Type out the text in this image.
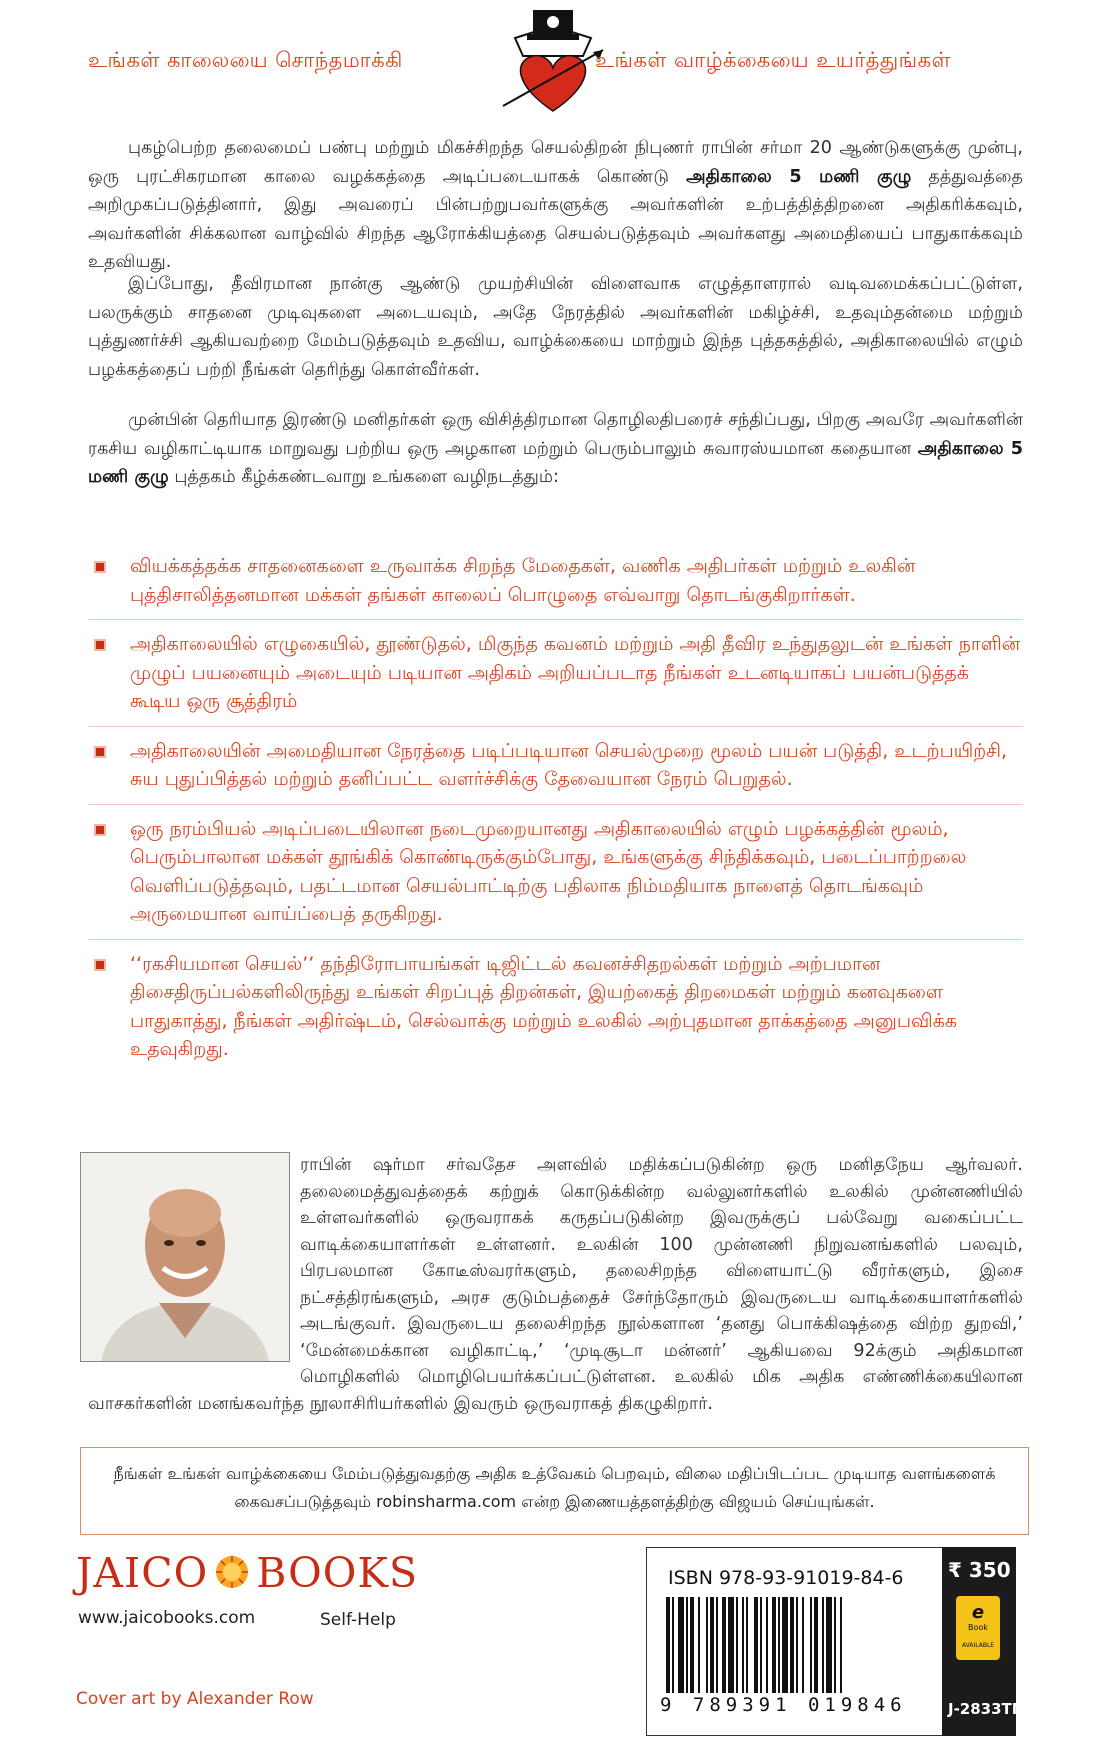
உங்கள் காலையை சொந்தமாக்கி	உங்கள் வாழ்க்கையை உயர்த்துங்கள்

புகழ்பெற்ற தலைமைப் பண்பு மற்றும் மிகச்சிறந்த செயல்திறன் நிபுணர் ராபின் சர்மா 20 ஆண்டுகளுக்கு முன்பு, ஒரு புரட்சிகரமான காலை வழக்கத்தை அடிப்படையாகக் கொண்டு அதிகாலை 5 மணி குழு தத்துவத்தை அறிமுகப்படுத்தினார், இது அவரைப் பின்பற்றுபவர்களுக்கு அவர்களின் உற்பத்தித்திறனை அதிகரிக்கவும், அவர்களின் சிக்கலான வாழ்வில் சிறந்த ஆரோக்கியத்தை செயல்படுத்தவும் அவர்களது அமைதியைப் பாதுகாக்கவும் உதவியது.

இப்போது, தீவிரமான நான்கு ஆண்டு முயற்சியின் விளைவாக எழுத்தாளரால் வடிவமைக்கப்பட்டுள்ள, பலருக்கும் சாதனை முடிவுகளை அடையவும், அதே நேரத்தில் அவர்களின் மகிழ்ச்சி, உதவும்தன்மை மற்றும் புத்துணர்ச்சி ஆகியவற்றை மேம்படுத்தவும் உதவிய, வாழ்க்கையை மாற்றும் இந்த புத்தகத்தில், அதிகாலையில் எழும் பழக்கத்தைப் பற்றி நீங்கள் தெரிந்து கொள்வீர்கள்.

முன்பின் தெரியாத இரண்டு மனிதர்கள் ஒரு விசித்திரமான தொழிலதிபரைச் சந்திப்பது, பிறகு அவரே அவர்களின் ரகசிய வழிகாட்டியாக மாறுவது பற்றிய ஒரு அழகான மற்றும் பெரும்பாலும் சுவாரஸ்யமான கதையான அதிகாலை 5 மணி குழு புத்தகம் கீழ்க்கண்டவாறு உங்களை வழிநடத்தும்:

வியக்கத்தக்க சாதனைகளை உருவாக்க சிறந்த மேதைகள், வணிக அதிபர்கள் மற்றும் உலகின் புத்திசாலித்தனமான மக்கள் தங்கள் காலைப் பொழுதை எவ்வாறு தொடங்குகிறார்கள்.
அதிகாலையில் எழுகையில், தூண்டுதல், மிகுந்த கவனம் மற்றும் அதி தீவிர உந்துதலுடன் உங்கள் நாளின் முழுப் பயனையும் அடையும் படியான அதிகம் அறியப்படாத நீங்கள் உடனடியாகப் பயன்படுத்தக் கூடிய ஒரு சூத்திரம்
அதிகாலையின் அமைதியான நேரத்தை படிப்படியான செயல்முறை மூலம் பயன் படுத்தி, உடற்பயிற்சி, சுய புதுப்பித்தல் மற்றும் தனிப்பட்ட வளர்ச்சிக்கு தேவையான நேரம் பெறுதல்.
ஒரு நரம்பியல் அடிப்படையிலான நடைமுறையானது அதிகாலையில் எழும் பழக்கத்தின் மூலம், பெரும்பாலான மக்கள் தூங்கிக் கொண்டிருக்கும்போது, உங்களுக்கு சிந்திக்கவும், படைப்பாற்றலை வெளிப்படுத்தவும், பதட்டமான செயல்பாட்டிற்கு பதிலாக நிம்மதியாக நாளைத் தொடங்கவும் அருமையான வாய்ப்பைத் தருகிறது.
‘‘ரகசியமான செயல்’’ தந்திரோபாயங்கள் டிஜிட்டல் கவனச்சிதறல்கள் மற்றும் அற்பமான திசைதிருப்பல்களிலிருந்து உங்கள் சிறப்புத் திறன்கள், இயற்கைத் திறமைகள் மற்றும் கனவுகளை பாதுகாத்து, நீங்கள் அதிர்ஷ்டம், செல்வாக்கு மற்றும் உலகில் அற்புதமான தாக்கத்தை அனுபவிக்க உதவுகிறது.
ராபின் ஷர்மா சர்வதேச அளவில் மதிக்கப்படுகின்ற ஒரு மனிதநேய ஆர்வலர். தலைமைத்துவத்தைக் கற்றுக் கொடுக்கின்ற வல்லுனர்களில் உலகில் முன்னணியில் உள்ளவர்களில் ஒருவராகக் கருதப்படுகின்ற இவருக்குப் பல்வேறு வகைப்பட்ட வாடிக்கையாளர்கள் உள்ளனர். உலகின் 100 முன்னணி நிறுவனங்களில் பலவும், பிரபலமான கோடீஸ்வரர்களும், தலைசிறந்த விளையாட்டு வீரர்களும், இசை நட்சத்திரங்களும், அரச குடும்பத்தைச் சேர்ந்தோரும் இவருடைய வாடிக்கையாளர்களில் அடங்குவர். இவருடைய தலைசிறந்த நூல்களான ‘தனது பொக்கிஷத்தை விற்ற துறவி,’ ‘மேன்மைக்கான வழிகாட்டி,’ ‘முடிசூடா மன்னர்’ ஆகியவை 92க்கும் அதிகமான மொழிகளில் மொழிபெயர்க்கப்பட்டுள்ளன. உலகில் மிக அதிக எண்ணிக்கையிலான வாசகர்களின் மனங்கவர்ந்த நூலாசிரியர்களில் இவரும் ஒருவராகத் திகழுகிறார்.
நீங்கள் உங்கள் வாழ்க்கையை மேம்படுத்துவதற்கு அதிக உத்வேகம் பெறவும், விலை மதிப்பிடப்பட முடியாத வளங்களைக் கைவசப்படுத்தவும் robinsharma.com என்ற இணையத்தளத்திற்கு விஜயம் செய்யுங்கள்.
JAICO BOOKS
www.jaicobooks.com	Self-Help
Cover art by Alexander Row
ISBN 978-93-91019-84-6
9 789391 019846
₹ 350
e
Book
AVAILABLE
J-2833TM
